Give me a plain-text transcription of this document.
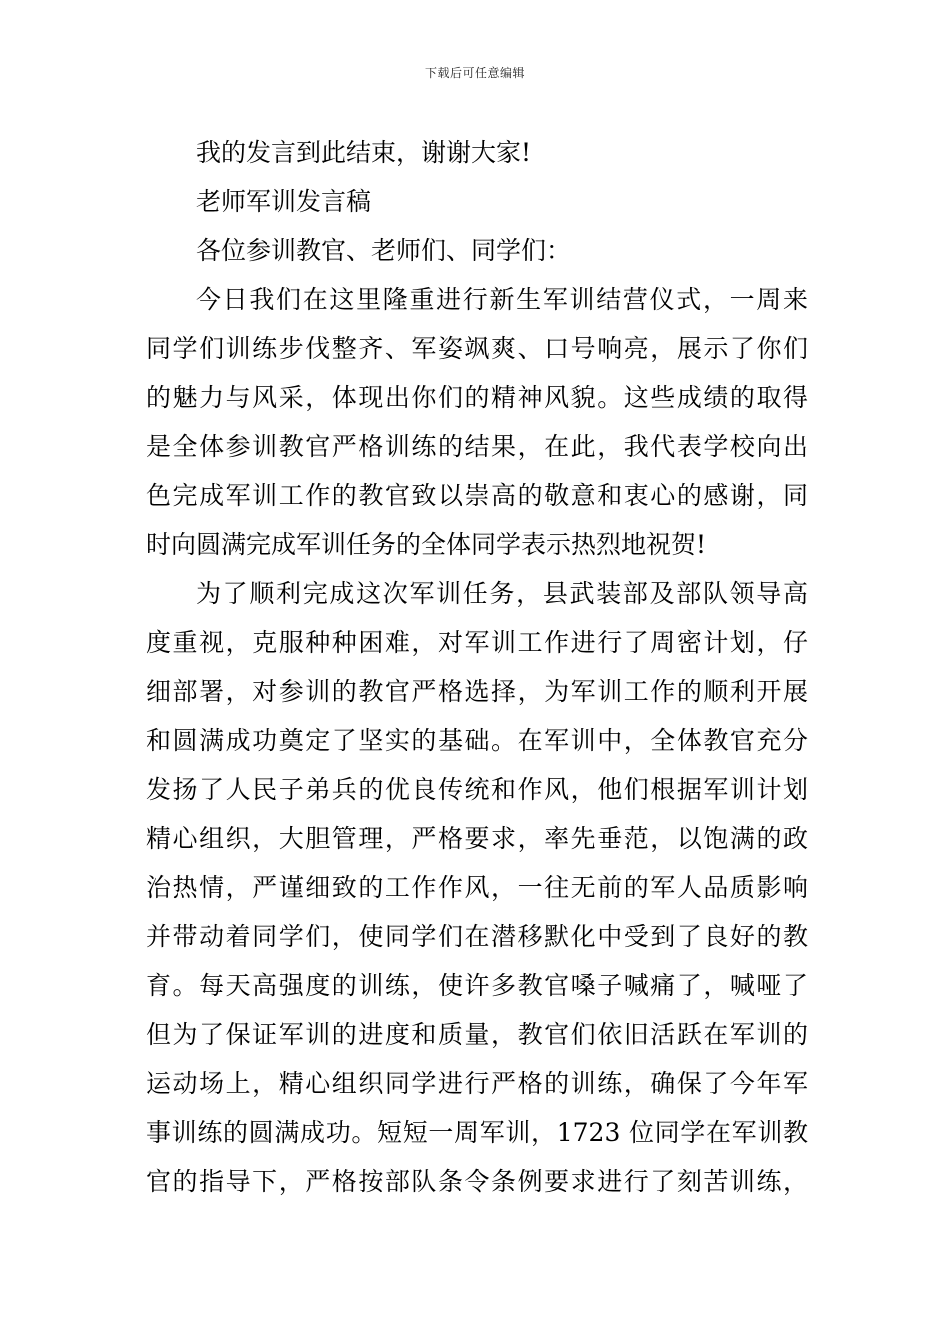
下载后可任意编辑
我的发言到此结束，谢谢大家!
老师军训发言稿
各位参训教官、老师们、同学们：
今日我们在这里隆重进行新生军训结营仪式，一周来
同学们训练步伐整齐、军姿飒爽、口号响亮，展示了你们
的魅力与风采，体现出你们的精神风貌。这些成绩的取得
是全体参训教官严格训练的结果，在此，我代表学校向出
色完成军训工作的教官致以崇高的敬意和衷心的感谢，同
时向圆满完成军训任务的全体同学表示热烈地祝贺!
为了顺利完成这次军训任务，县武装部及部队领导高
度重视，克服种种困难，对军训工作进行了周密计划，仔
细部署，对参训的教官严格选择，为军训工作的顺利开展
和圆满成功奠定了坚实的基础。在军训中，全体教官充分
发扬了人民子弟兵的优良传统和作风，他们根据军训计划
精心组织，大胆管理，严格要求，率先垂范，以饱满的政
治热情，严谨细致的工作作风，一往无前的军人品质影响
并带动着同学们，使同学们在潜移默化中受到了良好的教
育。每天高强度的训练，使许多教官嗓子喊痛了，喊哑了
但为了保证军训的进度和质量，教官们依旧活跃在军训的
运动场上，精心组织同学进行严格的训练，确保了今年军
事训练的圆满成功。短短一周军训，1723 位同学在军训教
官的指导下，严格按部队条令条例要求进行了刻苦训练，
